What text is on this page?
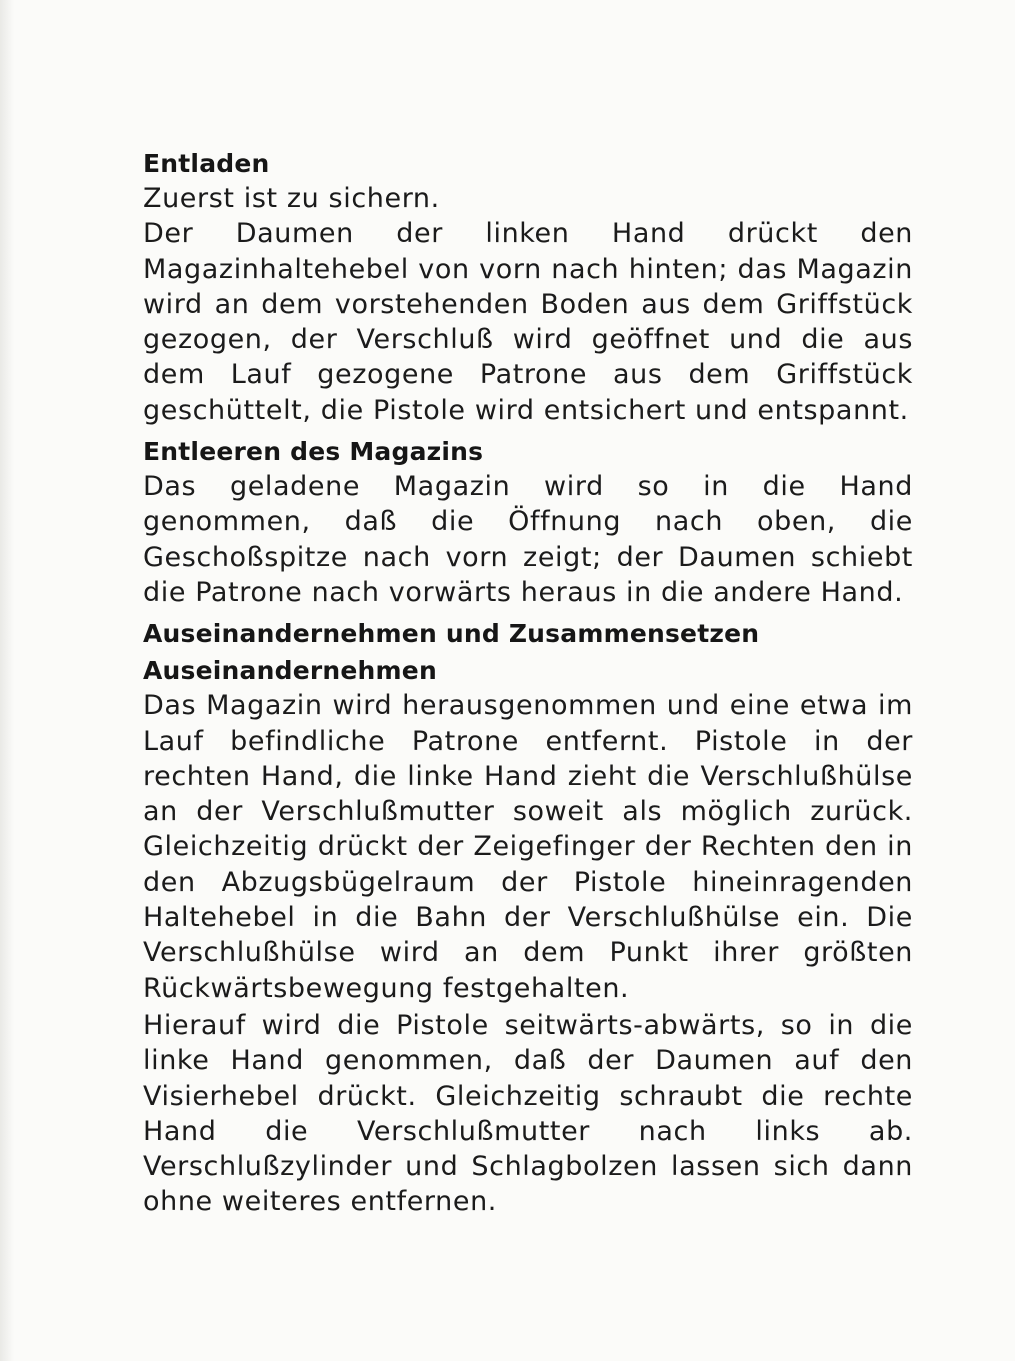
Entladen

Zuerst ist zu sichern.

Der Daumen der linken Hand drückt den Magazinhaltehebel von vorn nach hinten; das Magazin wird an dem vorstehenden Boden aus dem Griffstück gezogen, der Verschluß wird geöffnet und die aus dem Lauf gezogene Patrone aus dem Griffstück geschüttelt, die Pistole wird entsichert und entspannt.

Entleeren des Magazins

Das geladene Magazin wird so in die Hand genommen, daß die Öffnung nach oben, die Geschoßspitze nach vorn zeigt; der Daumen schiebt die Patrone nach vorwärts heraus in die andere Hand.

Auseinandernehmen und Zusammensetzen
Auseinandernehmen

Das Magazin wird herausgenommen und eine etwa im Lauf befindliche Patrone entfernt. Pistole in der rechten Hand, die linke Hand zieht die Verschlußhülse an der Verschlußmutter soweit als möglich zurück. Gleichzeitig drückt der Zeigefinger der Rechten den in den Abzugsbügelraum der Pistole hineinragenden Haltehebel in die Bahn der Verschlußhülse ein. Die Verschlußhülse wird an dem Punkt ihrer größten Rückwärtsbewegung festgehalten.

Hierauf wird die Pistole seitwärts-abwärts, so in die linke Hand genommen, daß der Daumen auf den Visierhebel drückt. Gleichzeitig schraubt die rechte Hand die Verschlußmutter nach links ab. Verschlußzylinder und Schlagbolzen lassen sich dann ohne weiteres entfernen.
